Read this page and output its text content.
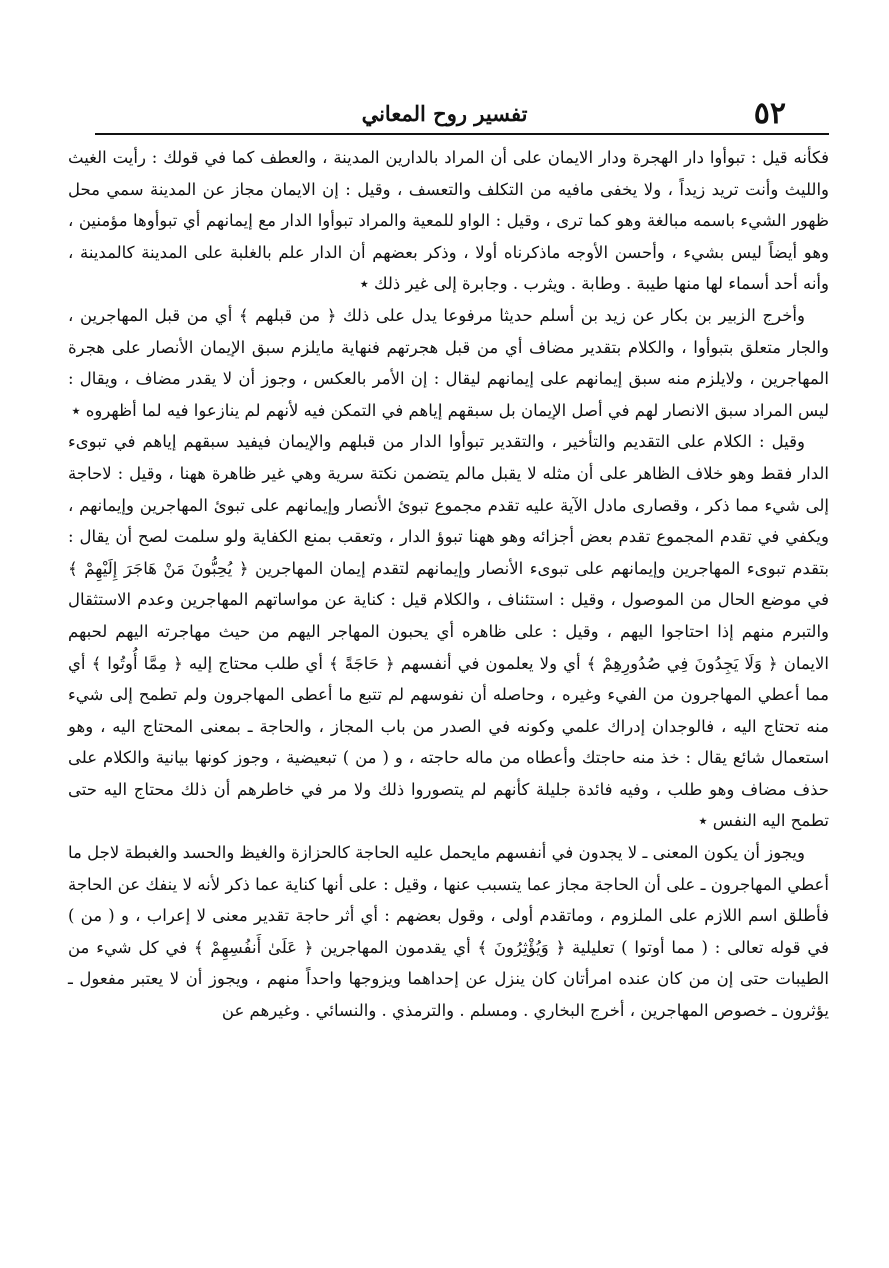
٥٢
تفسير روح المعاني

فكأنه قيل : تبوأوا دار الهجرة ودار الايمان على أن المراد بالدارين المدينة ، والعطف كما في قولك : رأيت الغيث والليث وأنت تريد زيداً ، ولا يخفى مافيه من التكلف والتعسف ، وقيل : إن الايمان مجاز عن المدينة سمي محل ظهور الشيء باسمه مبالغة وهو كما ترى ، وقيل : الواو للمعية والمراد تبوأوا الدار مع إيمانهم أي تبوأوها مؤمنين ، وهو أيضاً ليس بشيء ، وأحسن الأوجه ماذكرناه أولا ، وذكر بعضهم أن الدار علم بالغلبة على المدينة كالمدينة ، وأنه أحد أسماء لها منها طيبة . وطابة . ويثرب . وجابرة إلى غير ذلك ٭

وأخرج الزبير بن بكار عن زيد بن أسلم حديثا مرفوعا يدل على ذلك ﴿ من قبلهم ﴾ أي من قبل المهاجرين ، والجار متعلق بتبوأوا ، والكلام بتقدير مضاف أي من قبل هجرتهم فنهاية مايلزم سبق الإيمان الأنصار على هجرة المهاجرين ، ولايلزم منه سبق إيمانهم على إيمانهم ليقال : إن الأمر بالعكس ، وجوز أن لا يقدر مضاف ، ويقال : ليس المراد سبق الانصار لهم في أصل الإيمان بل سبقهم إياهم في التمكن فيه لأنهم لم ينازعوا فيه لما أظهروه ٭

وقيل : الكلام على التقديم والتأخير ، والتقدير تبوأوا الدار من قبلهم والإيمان فيفيد سبقهم إياهم في تبوىء الدار فقط وهو خلاف الظاهر على أن مثله لا يقبل مالم يتضمن نكتة سرية وهي غير ظاهرة ههنا ، وقيل : لاحاجة إلى شيء مما ذكر ، وقصارى مادل الآية عليه تقدم مجموع تبوئ الأنصار وإيمانهم على تبوئ المهاجرين وإيمانهم ، ويكفي في تقدم المجموع تقدم بعض أجزائه وهو ههنا تبوؤ الدار ، وتعقب بمنع الكفاية ولو سلمت لصح أن يقال : بتقدم تبوىء المهاجرين وإيمانهم على تبوىء الأنصار وإيمانهم لتقدم إيمان المهاجرين ﴿ يُحِبُّونَ مَنْ هَاجَرَ إِلَيْهِمْ ﴾ في موضع الحال من الموصول ، وقيل : استئناف ، والكلام قيل : كناية عن مواساتهم المهاجرين وعدم الاستثقال والتبرم منهم إذا احتاجوا اليهم ، وقيل : على ظاهره أي يحبون المهاجر اليهم من حيث مهاجرته اليهم لحبهم الايمان ﴿ وَلَا يَجِدُونَ فِي صُدُورِهِمْ ﴾ أي ولا يعلمون في أنفسهم ﴿ حَاجَةً ﴾ أي طلب محتاج إليه ﴿ مِمَّا أُوتُوا ﴾ أي مما أعطي المهاجرون من الفيء وغيره ، وحاصله أن نفوسهم لم تتبع ما أعطى المهاجرون ولم تطمح إلى شيء منه تحتاج اليه ، فالوجدان إدراك علمي وكونه في الصدر من باب المجاز ، والحاجة ـ بمعنى المحتاج اليه ، وهو استعمال شائع يقال : خذ منه حاجتك وأعطاه من ماله حاجته ، و ( من ) تبعيضية ، وجوز كونها بيانية والكلام على حذف مضاف وهو طلب ، وفيه فائدة جليلة كأنهم لم يتصوروا ذلك ولا مر في خاطرهم أن ذلك محتاج اليه حتى تطمح اليه النفس ٭

ويجوز أن يكون المعنى ـ لا يجدون في أنفسهم مايحمل عليه الحاجة كالحزازة والغيظ والحسد والغبطة لاجل ما أعطي المهاجرون ـ على أن الحاجة مجاز عما يتسبب عنها ، وقيل : على أنها كناية عما ذكر لأنه لا ينفك عن الحاجة فأطلق اسم اللازم على الملزوم ، وماتقدم أولى ، وقول بعضهم : أي أثر حاجة تقدير معنى لا إعراب ، و ( من ) في قوله تعالى : ( مما أوتوا ) تعليلية ﴿ وَيُؤْثِرُونَ ﴾ أي يقدمون المهاجرين ﴿ عَلَىٰ أَنفُسِهِمْ ﴾ في كل شيء من الطيبات حتى إن من كان عنده امرأتان كان ينزل عن إحداهما ويزوجها واحداً منهم ، ويجوز أن لا يعتبر مفعول ـ يؤثرون ـ خصوص المهاجرين ، أخرج البخاري . ومسلم . والترمذي . والنسائي . وغيرهم عن
